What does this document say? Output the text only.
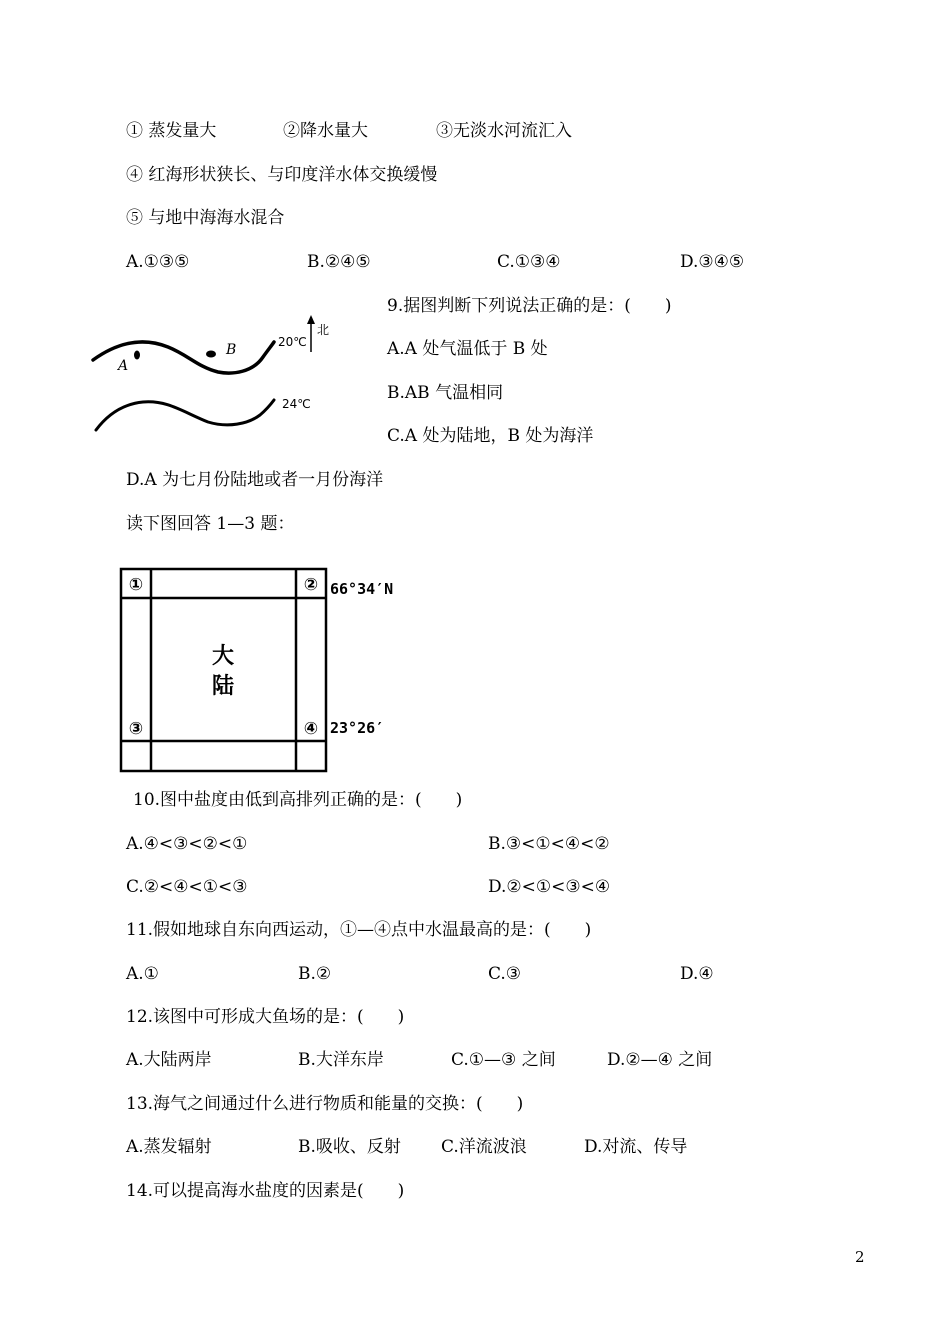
① 蒸发量大	②降水量大	③无淡水河流汇入
④ 红海形状狭长、与印度洋水体交换缓慢
⑤ 与地中海海水混合
A.①③⑤	B.②④⑤	C.①③④	D.③④⑤
A
B	20℃
24℃
北
9.据图判断下列说法正确的是：(　　)
A.A 处气温低于 B 处
B.AB 气温相同
C.A 处为陆地，B 处为海洋
D.A 为七月份陆地或者一月份海洋
读下图回答 1—3 题：
①	②
③	④
大
陆
66°34′N
23°26′
10.图中盐度由低到高排列正确的是：(　　)
A.④<③<②<①	B.③<①<④<②
C.②<④<①<③	D.②<①<③<④
11.假如地球自东向西运动，①—④点中水温最高的是：(　　)
A.①	B.②	C.③	D.④
12.该图中可形成大鱼场的是：(　　)
A.大陆两岸	B.大洋东岸	C.①—③ 之间	D.②—④ 之间
13.海气之间通过什么进行物质和能量的交换：(　　)
A.蒸发辐射	B.吸收、反射 C.洋流波浪	D.对流、传导
14.可以提高海水盐度的因素是(　　)
2
